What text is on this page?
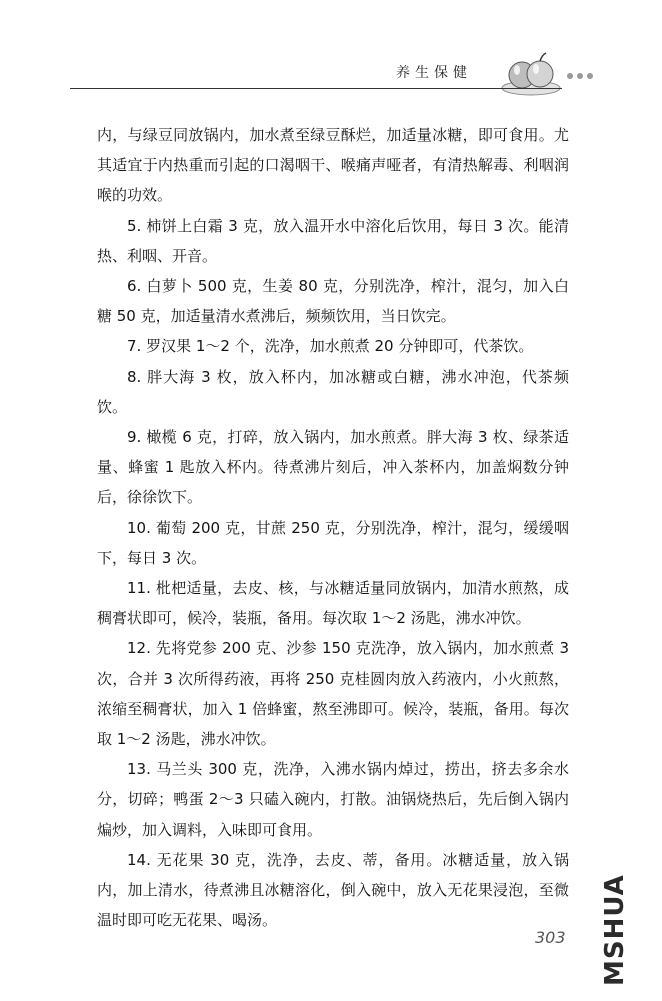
养生保健

内，与绿豆同放锅内，加水煮至绿豆酥烂，加适量冰糖，即可食用。尤其适宜于内热重而引起的口渴咽干、喉痛声哑者，有清热解毒、利咽润喉的功效。

5. 柿饼上白霜 3 克，放入温开水中溶化后饮用，每日 3 次。能清热、利咽、开音。

6. 白萝卜 500 克，生姜 80 克，分别洗净，榨汁，混匀，加入白糖 50 克，加适量清水煮沸后，频频饮用，当日饮完。

7. 罗汉果 1～2 个，洗净，加水煎煮 20 分钟即可，代茶饮。

8. 胖大海 3 枚，放入杯内，加冰糖或白糖，沸水冲泡，代茶频饮。

9. 橄榄 6 克，打碎，放入锅内，加水煎煮。胖大海 3 枚、绿茶适量、蜂蜜 1 匙放入杯内。待煮沸片刻后，冲入茶杯内，加盖焖数分钟后，徐徐饮下。

10. 葡萄 200 克，甘蔗 250 克，分别洗净，榨汁，混匀，缓缓咽下，每日 3 次。

11. 枇杷适量，去皮、核，与冰糖适量同放锅内，加清水煎熬，成稠膏状即可，候冷，装瓶，备用。每次取 1～2 汤匙，沸水冲饮。

12. 先将党参 200 克、沙参 150 克洗净，放入锅内，加水煎煮 3 次，合并 3 次所得药液，再将 250 克桂圆肉放入药液内，小火煎熬，浓缩至稠膏状，加入 1 倍蜂蜜，熬至沸即可。候冷，装瓶，备用。每次取 1～2 汤匙，沸水冲饮。

13. 马兰头 300 克，洗净，入沸水锅内焯过，捞出，挤去多余水分，切碎；鸭蛋 2～3 只磕入碗内，打散。油锅烧热后，先后倒入锅内煸炒，加入调料，入味即可食用。

14. 无花果 30 克，洗净，去皮、蒂，备用。冰糖适量，放入锅内，加上清水，待煮沸且冰糖溶化，倒入碗中，放入无花果浸泡，至微温时即可吃无花果、喝汤。

303 MSHUA
